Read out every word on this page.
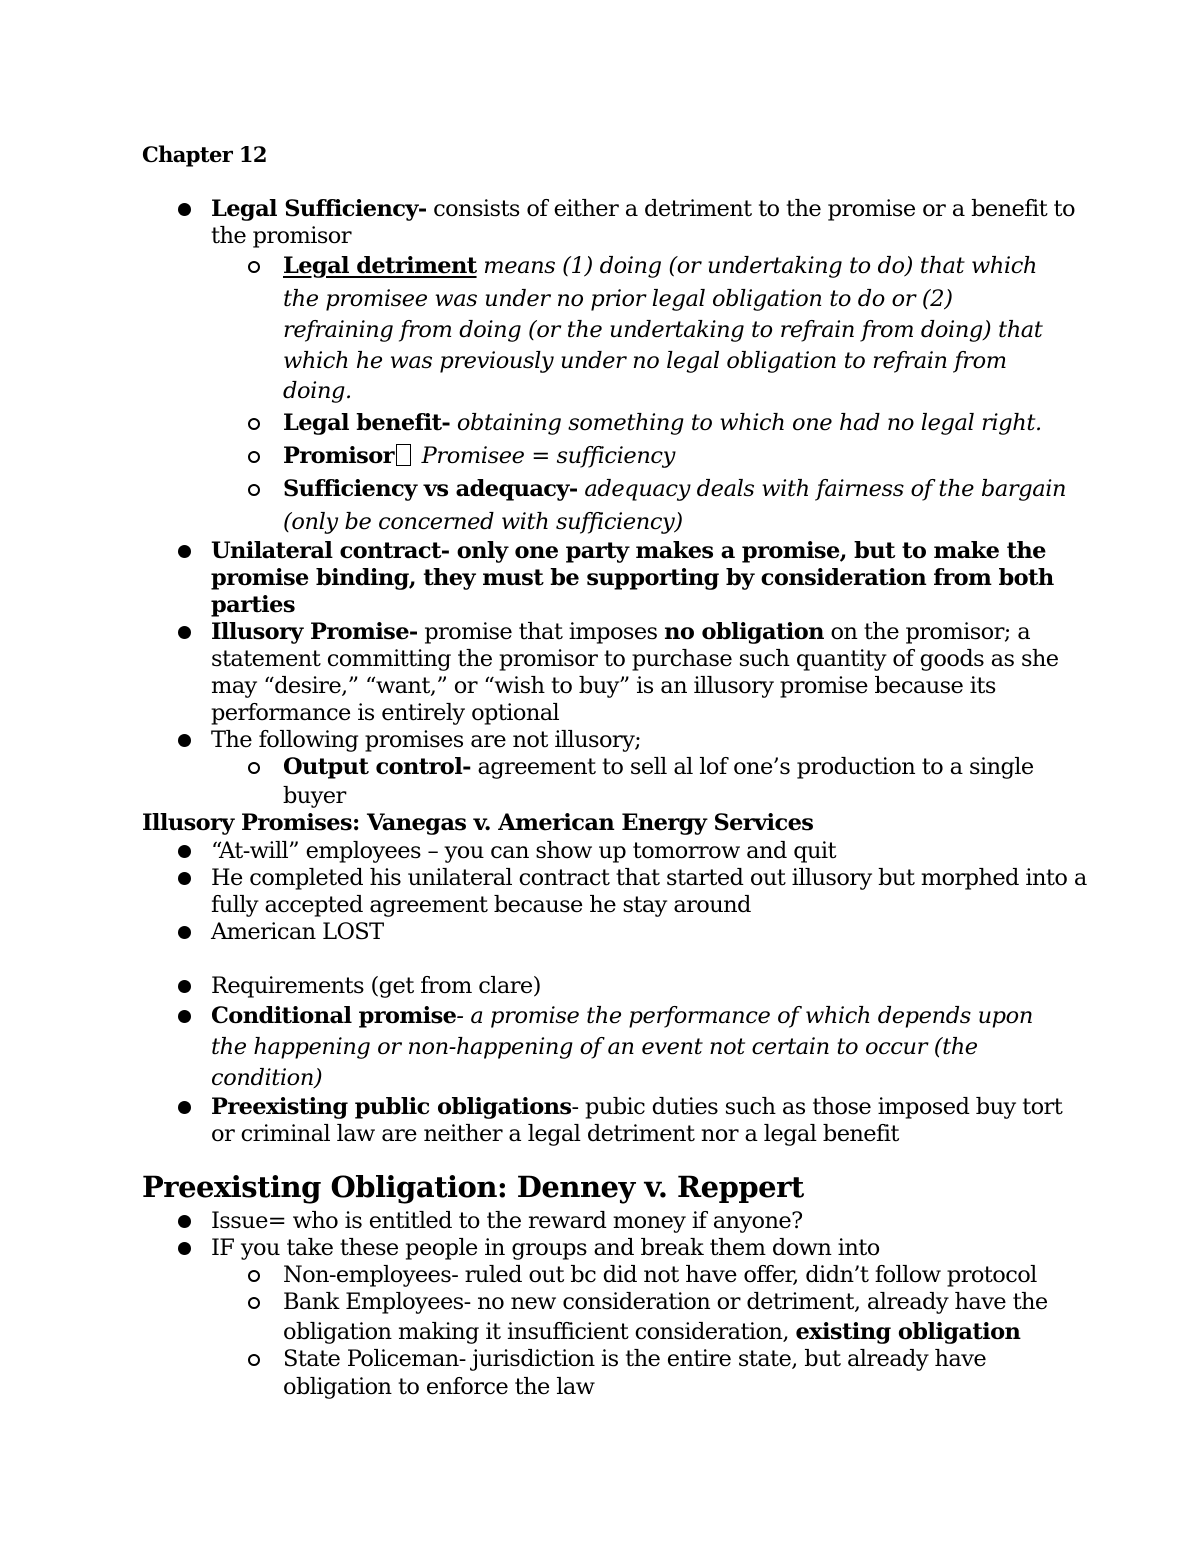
Chapter 12
Legal Sufficiency- consists of either a detriment to the promise or a benefit to
the promisor
Legal detriment means (1) doing (or undertaking to do) that which
the promisee was under no prior legal obligation to do or (2)
refraining from doing (or the undertaking to refrain from doing) that
which he was previously under no legal obligation to refrain from
doing.
Legal benefit- obtaining something to which one had no legal right.
Promisor Promisee = sufficiency
Sufficiency vs adequacy- adequacy deals with fairness of the bargain
(only be concerned with sufficiency)
Unilateral contract- only one party makes a promise, but to make the
promise binding, they must be supporting by consideration from both
parties
Illusory Promise- promise that imposes no obligation on the promisor; a
statement committing the promisor to purchase such quantity of goods as she
may “desire,” “want,” or “wish to buy” is an illusory promise because its
performance is entirely optional
The following promises are not illusory;
Output control- agreement to sell al lof one’s production to a single
buyer
Illusory Promises: Vanegas v. American Energy Services
“At-will” employees – you can show up tomorrow and quit
He completed his unilateral contract that started out illusory but morphed into a
fully accepted agreement because he stay around
American LOST
Requirements (get from clare)
Conditional promise- a promise the performance of which depends upon
the happening or non-happening of an event not certain to occur (the
condition)
Preexisting public obligations- pubic duties such as those imposed buy tort
or criminal law are neither a legal detriment nor a legal benefit
Preexisting Obligation: Denney v. Reppert
Issue= who is entitled to the reward money if anyone?
IF you take these people in groups and break them down into
Non-employees- ruled out bc did not have offer, didn’t follow protocol
Bank Employees- no new consideration or detriment, already have the
obligation making it insufficient consideration, existing obligation
State Policeman- jurisdiction is the entire state, but already have
obligation to enforce the law
